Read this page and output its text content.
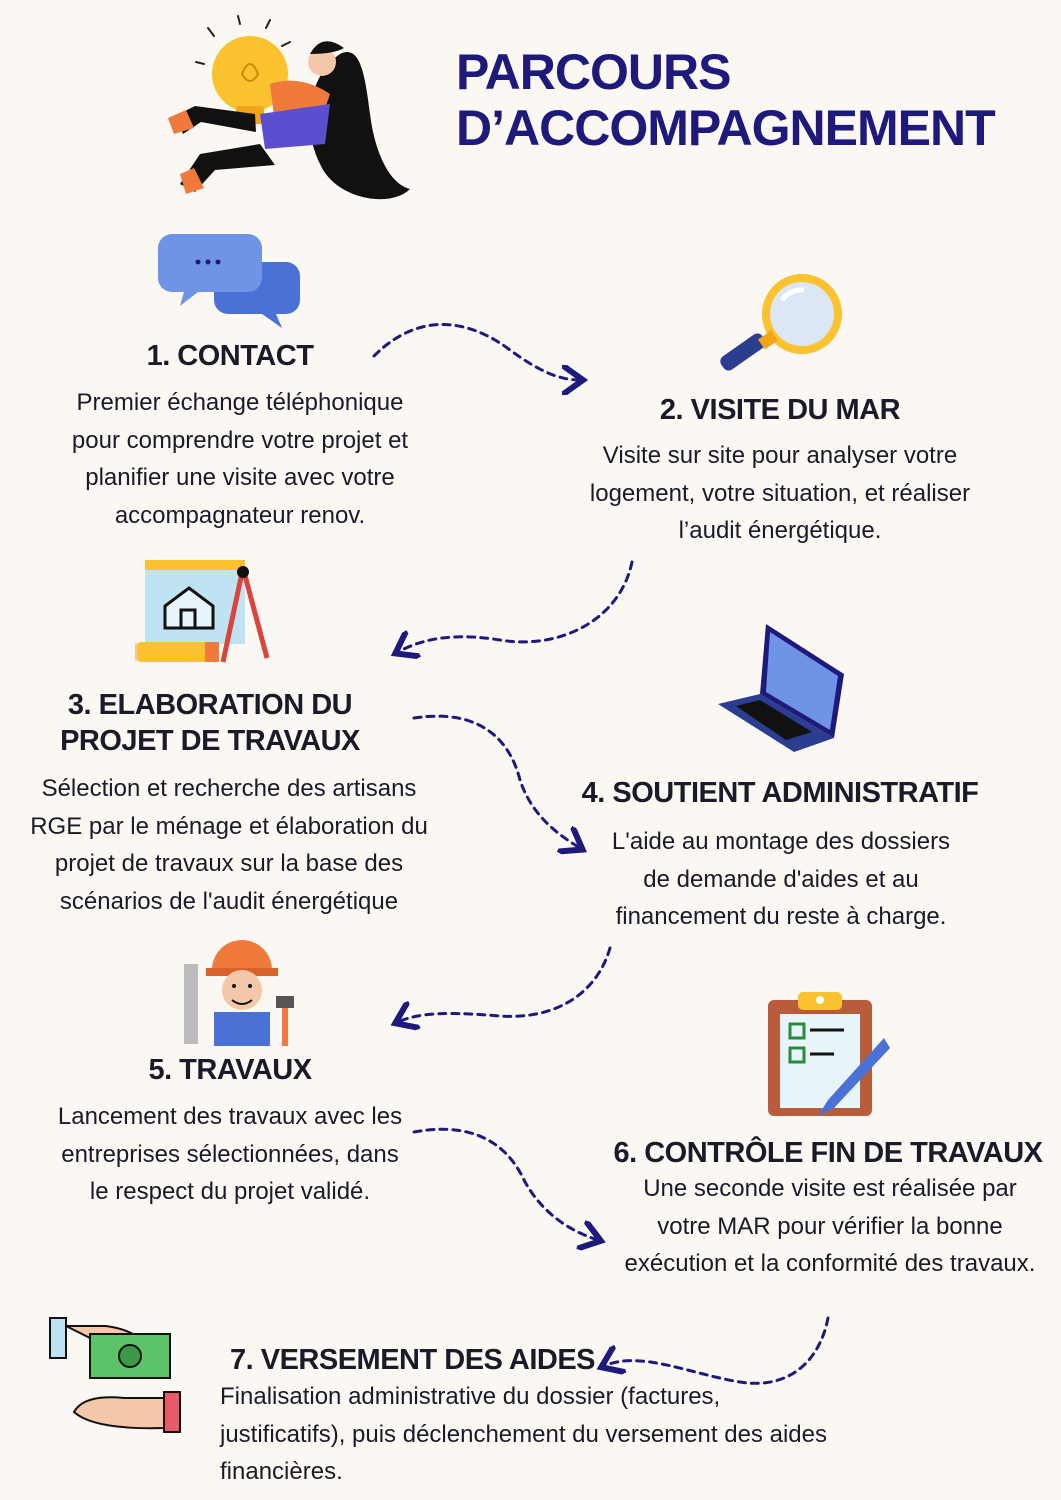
PARCOURS D’ACCOMPAGNEMENT
1. CONTACT
Premier échange téléphonique pour comprendre votre projet et planifier une visite avec votre accompagnateur renov.
2. VISITE DU MAR
Visite sur site pour analyser votre logement, votre situation, et réaliser l’audit énergétique.
3. ELABORATION DU PROJET DE TRAVAUX
Sélection et recherche des artisans RGE par le ménage et élaboration du projet de travaux sur la base des scénarios de l'audit énergétique
4. SOUTIENT ADMINISTRATIF
L'aide au montage des dossiers de demande d'aides et au financement du reste à charge.
5. TRAVAUX
Lancement des travaux avec les entreprises sélectionnées, dans le respect du projet validé.
6. CONTRÔLE FIN DE TRAVAUX
Une seconde visite est réalisée par votre MAR pour vérifier la bonne exécution et la conformité des travaux.
7. VERSEMENT DES AIDES
Finalisation administrative du dossier (factures, justificatifs), puis déclenchement du versement des aides financières.
